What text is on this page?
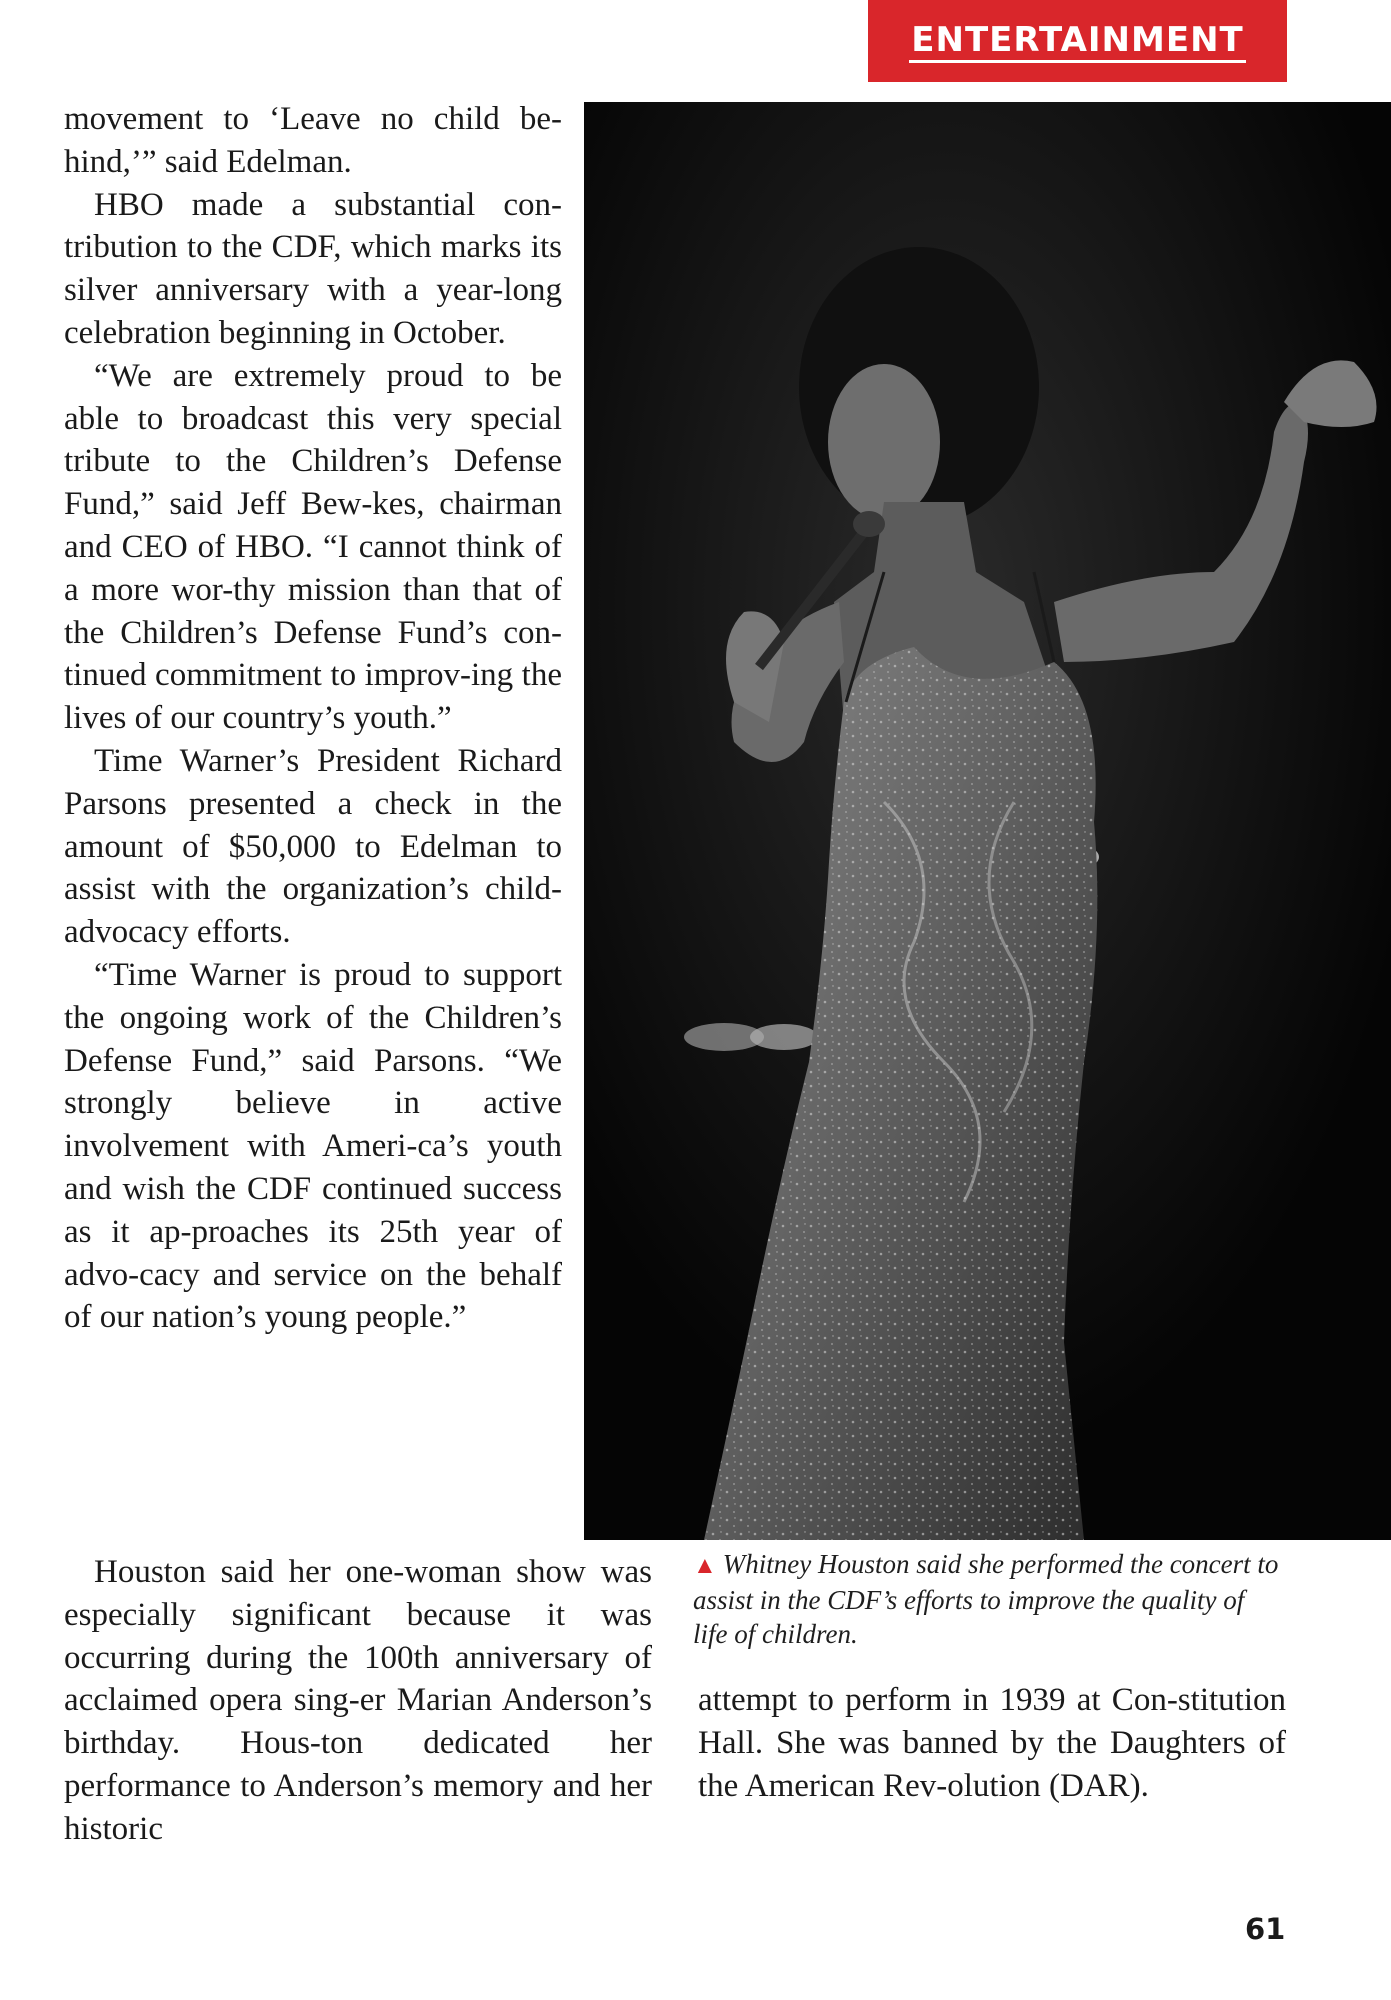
ENTERTAINMENT

movement to ‘Leave no child be-hind,’” said Edelman.

HBO made a substantial con-tribution to the CDF, which marks its silver anniversary with a year-long celebration beginning in October.

“We are extremely proud to be able to broadcast this very special tribute to the Children’s Defense Fund,” said Jeff Bew-kes, chairman and CEO of HBO. “I cannot think of a more wor-thy mission than that of the Children’s Defense Fund’s con-tinued commitment to improv-ing the lives of our country’s youth.”

Time Warner’s President Richard Parsons presented a check in the amount of $50,000 to Edelman to assist with the organization’s child-advocacy efforts.

“Time Warner is proud to support the ongoing work of the Children’s Defense Fund,” said Parsons. “We strongly believe in active involvement with Ameri-ca’s youth and wish the CDF continued success as it ap-proaches its 25th year of advo-cacy and service on the behalf of our nation’s young people.”

▲ Whitney Houston said she performed the concert to assist in the CDF’s efforts to improve the quality of life of children.

Houston said her one-woman show was especially significant because it was occurring during the 100th anniversary of acclaimed opera sing-er Marian Anderson’s birthday. Hous-ton dedicated her performance to Anderson’s memory and her historic

attempt to perform in 1939 at Con-stitution Hall. She was banned by the Daughters of the American Rev-olution (DAR).

61
